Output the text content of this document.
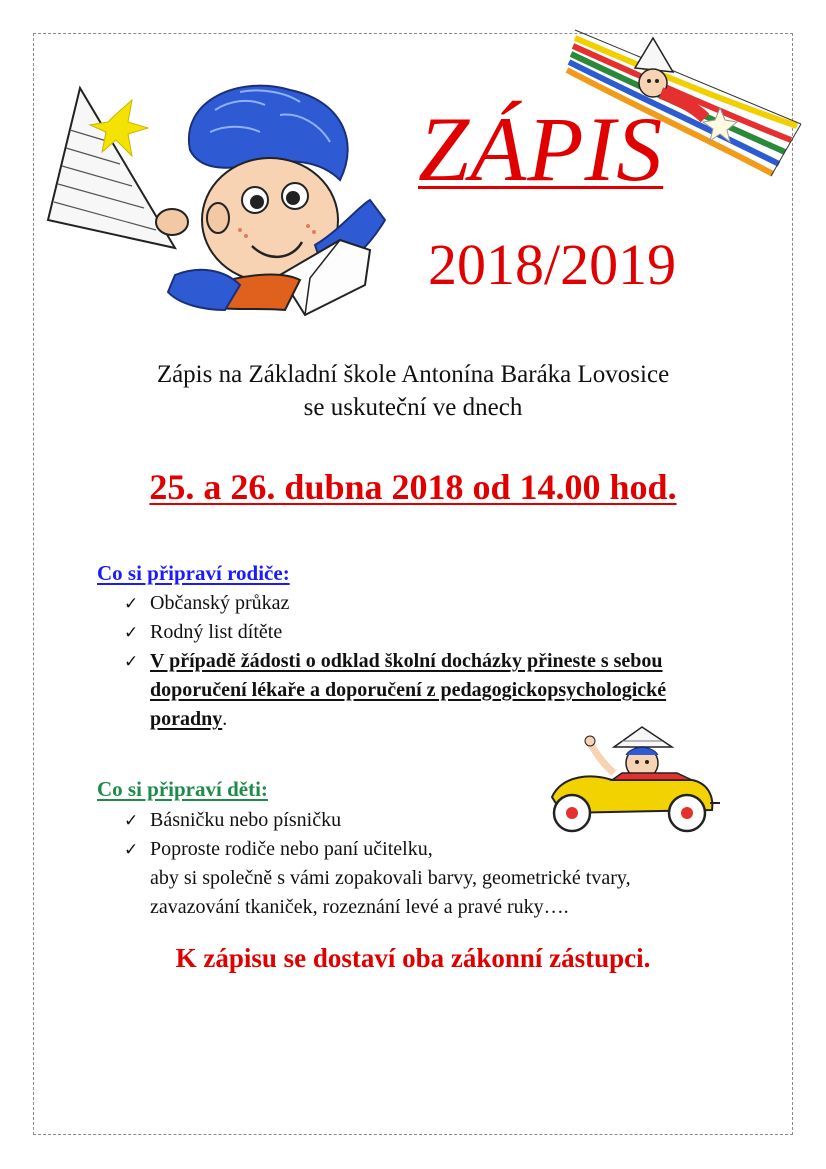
ZÁPIS
2018/2019
Zápis na Základní škole Antonína Baráka Lovosice
se uskuteční ve dnech
25. a 26. dubna 2018 od 14.00 hod.
Co si připraví rodiče:
✓ Občanský průkaz
✓ Rodný list dítěte
✓ V případě žádosti o odklad školní docházky přineste s sebou
doporučení lékaře a doporučení z pedagogickopsychologické
poradny.
Co si připraví děti:
✓ Básničku nebo písničku
✓ Poproste rodiče nebo paní učitelku,
aby si společně s vámi zopakovali barvy, geometrické tvary,
zavazování tkaniček, rozeznání levé a pravé ruky….
K zápisu se dostaví oba zákonní zástupci.
